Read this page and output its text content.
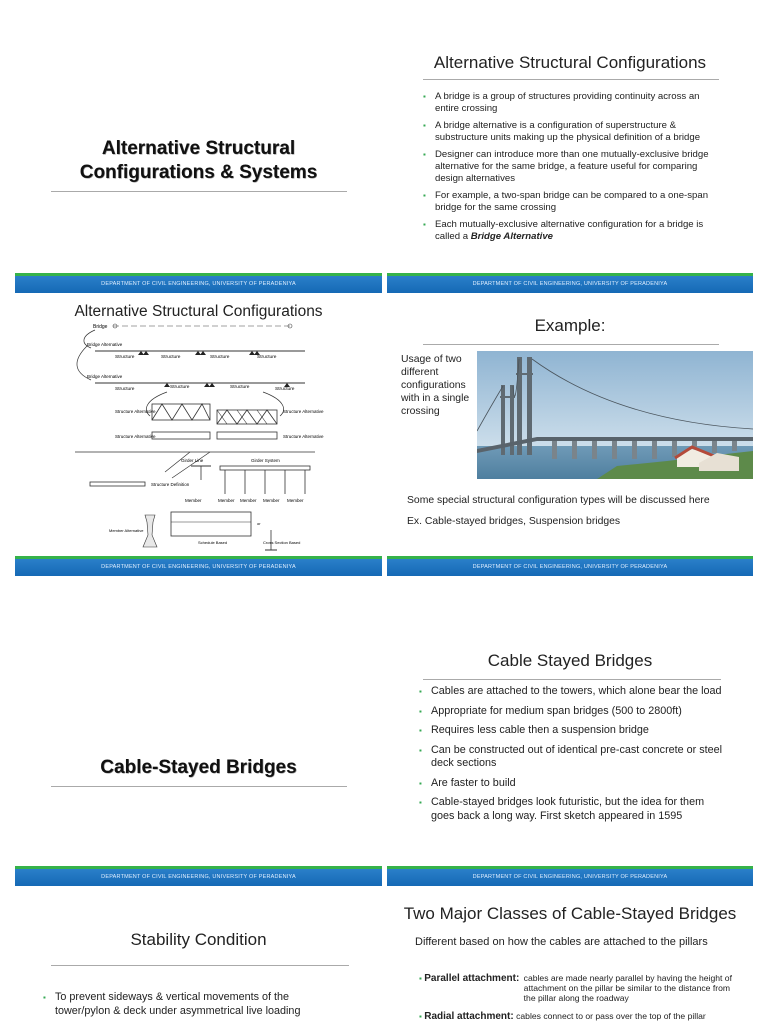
Alternative Structural
Configurations & Systems
DEPARTMENT OF CIVIL ENGINEERING, UNIVERSITY OF PERADENIYA
Alternative Structural Configurations
▪ A bridge is a group of structures providing continuity across an entire crossing
▪ A bridge alternative is a configuration of superstructure & substructure units making up the physical definition of a bridge
▪ Designer can introduce more than one mutually-exclusive bridge alternative for the same bridge, a feature useful for comparing design alternatives
▪ For example, a two-span bridge can be compared to a one-span bridge for the same crossing
▪ Each mutually-exclusive alternative configuration for a bridge is called a Bridge Alternative
DEPARTMENT OF CIVIL ENGINEERING, UNIVERSITY OF PERADENIYA
Alternative Structural Configurations
Bridge
Bridge Alternative
Structure	Structure	Structure	Structure
Bridge Alternative
Structure	Structure	Structure	Structure
Structure Alternative	Structure Alternative
Structure Alternative	Structure Alternative
Girder Line	Girder System
Structure Definition
Member	Member Member Member Member
Member Alternative
Schedule Based
or
Cross Section Based
DEPARTMENT OF CIVIL ENGINEERING, UNIVERSITY OF PERADENIYA
Example:
Usage of two different configurations with in a single crossing
Some special structural configuration types will be discussed here
Ex. Cable-stayed bridges, Suspension bridges
DEPARTMENT OF CIVIL ENGINEERING, UNIVERSITY OF PERADENIYA
Cable-Stayed Bridges
DEPARTMENT OF CIVIL ENGINEERING, UNIVERSITY OF PERADENIYA
Cable Stayed Bridges
▪ Cables are attached to the towers, which alone bear the load
▪ Appropriate for medium span bridges (500 to 2800ft)
▪ Requires less cable then a suspension bridge
▪ Can be constructed out of identical pre-cast concrete or steel deck sections
▪ Are faster to build
▪ Cable-stayed bridges look futuristic, but the idea for them goes back a long way. First sketch appeared in 1595
DEPARTMENT OF CIVIL ENGINEERING, UNIVERSITY OF PERADENIYA
Stability Condition
▪ To prevent sideways & vertical movements of the tower/pylon & deck under asymmetrical live loading
Two Major Classes of Cable-Stayed Bridges
Different based on how the cables are attached to the pillars
▪ Parallel attachment: cables are made nearly parallel by having the height of attachment on the pillar be similar to the distance from the pillar along the roadway
▪ Radial attachment: cables connect to or pass over the top of the pillar
